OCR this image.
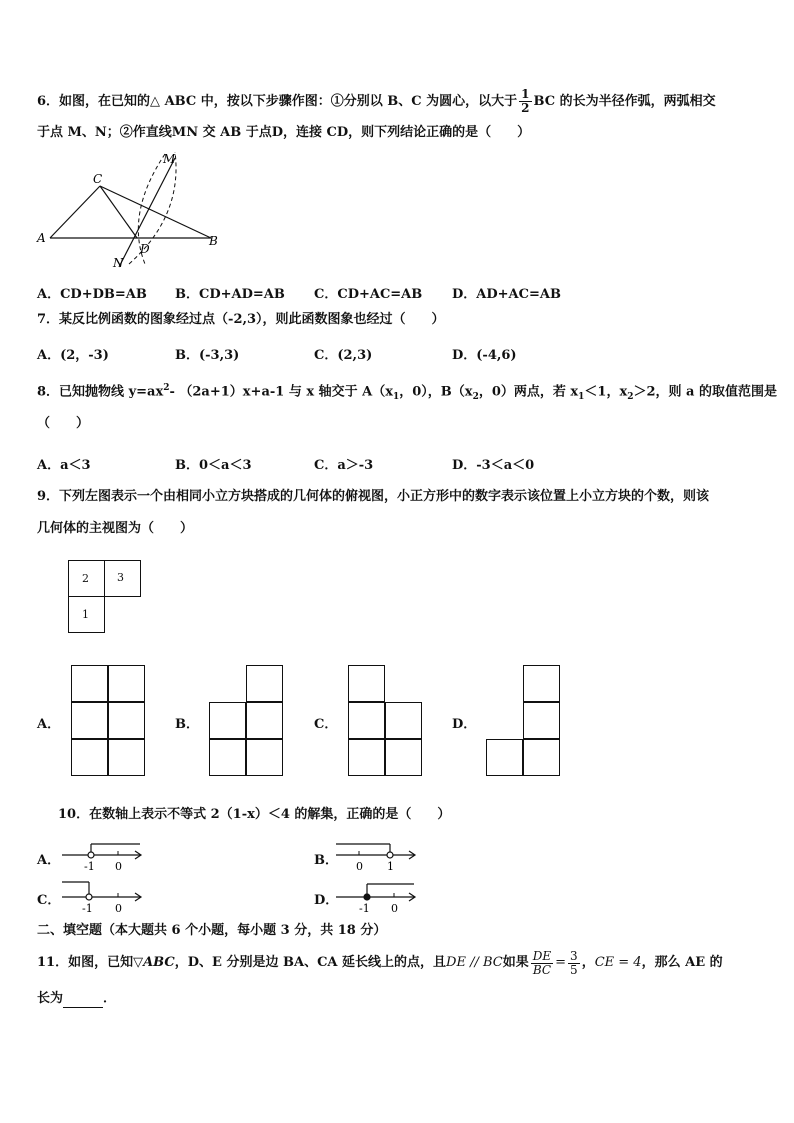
6．如图，在已知的△ ABC 中，按以下步骤作图：①分别以 B、C 为圆心，以大于 $\frac{1}{2}$ BC 的长为半径作弧，两弧相交
于点 M、N；②作直线MN 交 AB 于点D，连接 CD，则下列结论正确的是（　　）
C
M
A	B
D
N
A．CD+DB=AB B．CD+AD=AB C．CD+AC=AB D．AD+AC=AB
7．某反比例函数的图象经过点（-2,3），则此函数图象也经过（　　）
A．(2，-3)	B．(-3,3)	C．(2,3)	D．(-4,6)
8．已知抛物线 $y=ax^2-$ （2a+1）x+a-1 与 x 轴交于 $A(x_1$，0），$B(x_2$，0）两点，若 $x_1<1$，$x_2>2$，则 a 的取值范围是
（　　）
A．a＜3	B．0＜a＜3	C．a＞-3	D．-3＜a＜0
9．下列左图表示一个由相同小立方块搭成的几何体的俯视图，小正方形中的数字表示该位置上小立方块的个数，则该
几何体的主视图为（　　）
2	3
1
A．	B．	C．	D．
10．在数轴上表示不等式 2（1-x）＜4 的解集，正确的是（　　）
A． -1 0	B． 0 1
C．
-1 0
D．
-1 0
二、填空题（本大题共 6 个小题，每小题 3 分，共 18 分）
11．如图，已知 ▽ABC ，D、E 分别是边 BA、CA 延长线上的点，且 DE // BC 如果 $\frac{DE}{BC} = \frac{3}{5}$ ， CE = 4 ，那么 AE 的
长为	．
